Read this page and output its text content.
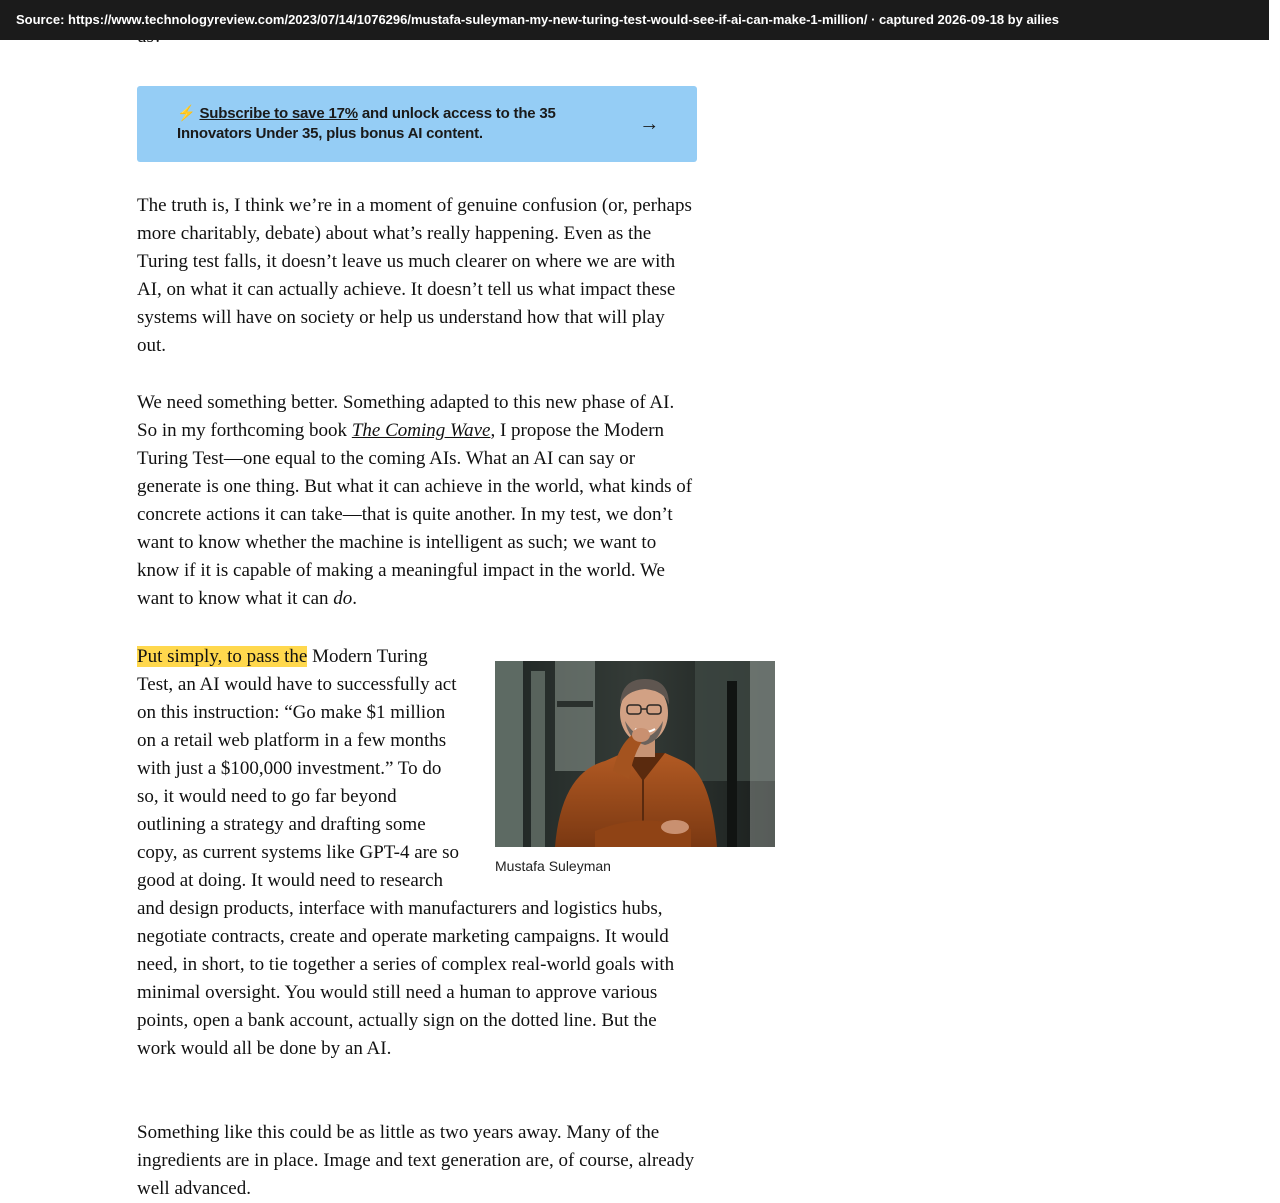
Source: https://www.technologyreview.com/2023/07/14/1076296/mustafa-suleyman-my-new-turing-test-would-see-if-ai-can-make-1-million/ · captured 2026-09-18 by ailies

⚡ Subscribe to save 17% and unlock access to the 35 Innovators Under 35, plus bonus AI content.	→

The truth is, I think we’re in a moment of genuine confusion (or, perhaps more charitably, debate) about what’s really happening. Even as the Turing test falls, it doesn’t leave us much clearer on where we are with AI, on what it can actually achieve. It doesn’t tell us what impact these systems will have on society or help us understand how that will play out.

We need something better. Something adapted to this new phase of AI. So in my forthcoming book The Coming Wave, I propose the Modern Turing Test—one equal to the coming AIs. What an AI can say or generate is one thing. But what it can achieve in the world, what kinds of concrete actions it can take—that is quite another. In my test, we don’t want to know whether the machine is intelligent as such; we want to know if it is capable of making a meaningful impact in the world. We want to know what it can do.

Mustafa Suleyman
Put simply, to pass the Modern Turing Test, an AI would have to successfully act on this instruction: “Go make $1 million on a retail web platform in a few months with just a $100,000 investment.” To do so, it would need to go far beyond outlining a strategy and drafting some copy, as current systems like GPT-4 are so good at doing. It would need to research and design products, interface with manufacturers and logistics hubs, negotiate contracts, create and operate marketing campaigns. It would need, in short, to tie together a series of complex real-world goals with minimal oversight. You would still need a human to approve various points, open a bank account, actually sign on the dotted line. But the work would all be done by an AI.

Something like this could be as little as two years away. Many of the ingredients are in place. Image and text generation are, of course, already well advanced.
